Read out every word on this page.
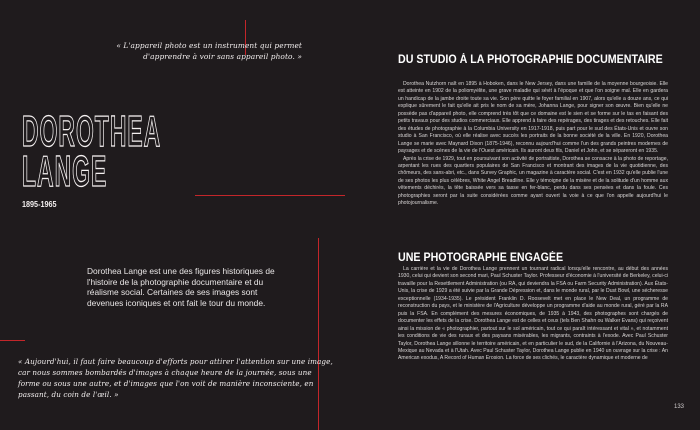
« L'appareil photo est un instrument qui permet d'apprendre à voir sans appareil photo. »
DOROTHEA
LANGE
1895-1965
Dorothea Lange est une des figures historiques de l'histoire de la photographie documentaire et du réalisme social. Certaines de ses images sont devenues iconiques et ont fait le tour du monde.
« Aujourd'hui, il faut faire beaucoup d'efforts pour attirer l'attention sur une image, car nous sommes bombardés d'images à chaque heure de la journée, sous une forme ou sous une autre, et d'images que l'on voit de manière inconsciente, en passant, du coin de l'œil. »
DU STUDIO À LA PHOTOGRAPHIE DOCUMENTAIRE

Dorothea Nutzhorn naît en 1895 à Hoboken, dans le New Jersey, dans une famille de la moyenne bourgeoisie. Elle est atteinte en 1902 de la poliomyélite, une grave maladie qui sévit à l'époque et que l'on soigne mal. Elle en gardera un handicap de la jambe droite toute sa vie. Son père quitte le foyer familial en 1907, alors qu'elle a douze ans, ce qui explique sûrement le fait qu'elle ait pris le nom de sa mère, Johanna Lange, pour signer son œuvre. Bien qu'elle ne possède pas d'appareil photo, elle comprend très tôt que ce domaine est le sien et se forme sur le tas en faisant des petits travaux pour des studios commerciaux. Elle apprend à faire des repérages, des tirages et des retouches. Elle fait des études de photographie à la Columbia University en 1917-1918, puis part pour le sud des États-Unis et ouvre son studio à San Francisco, où elle réalise avec succès les portraits de la bonne société de la ville. En 1920, Dorothea Lange se marie avec Maynard Dixon (1875-1946), reconnu aujourd'hui comme l'un des grands peintres modernes de paysages et de scènes de la vie de l'Ouest américain. Ils auront deux fils, Daniel et John, et se sépareront en 1935.

Après la crise de 1929, tout en poursuivant son activité de portraitiste, Dorothea se consacre à la photo de reportage, arpentant les rues des quartiers populaires de San Francisco et montrant des images de la vie quotidienne, des chômeurs, des sans-abri, etc., dans Survey Graphic, un magazine à caractère social. C'est en 1932 qu'elle publie l'une de ses photos les plus célèbres, White Angel Breadline. Elle y témoigne de la misère et de la solitude d'un homme aux vêtements déchirés, la tête baissée vers sa tasse en fer-blanc, perdu dans ses pensées et dans la foule. Ces photographies seront par la suite considérées comme ayant ouvert la voie à ce que l'on appelle aujourd'hui le photojournalisme.

UNE PHOTOGRAPHE ENGAGÉE

La carrière et la vie de Dorothea Lange prennent un tournant radical lorsqu'elle rencontre, au début des années 1930, celui qui devient son second mari, Paul Schuster Taylor. Professeur d'économie à l'université de Berkeley, celui-ci travaille pour la Resettlement Administration (ou RA, qui deviendra la FSA ou Farm Security Administration). Aux États-Unis, la crise de 1929 a été suivie par la Grande Dépression et, dans le monde rural, par le Dust Bowl, une sécheresse exceptionnelle (1934-1935). Le président Franklin D. Roosevelt met en place le New Deal, un programme de reconstruction du pays, et le ministère de l'Agriculture développe un programme d'aide au monde rural, géré par la RA puis la FSA. En complément des mesures économiques, de 1935 à 1943, des photographes sont chargés de documenter les effets de la crise. Dorothea Lange est de celles et ceux (tels Ben Shahn ou Walker Evans) qui reçoivent ainsi la mission de « photographier, partout sur le sol américain, tout ce qui paraît intéressant et vital », et notamment les conditions de vie des ruraux et des paysans misérables, les migrants, contraints à l'exode. Avec Paul Schuster Taylor, Dorothea Lange sillonne le territoire américain, et en particulier le sud, de la Californie à l'Arizona, du Nouveau-Mexique au Nevada et à l'Utah. Avec Paul Schuster Taylor, Dorothea Lange publie en 1940 un ouvrage sur la crise : An American exodus, A Record of Human Erosion. La force de ses clichés, le caractère dynamique et moderne de

133
